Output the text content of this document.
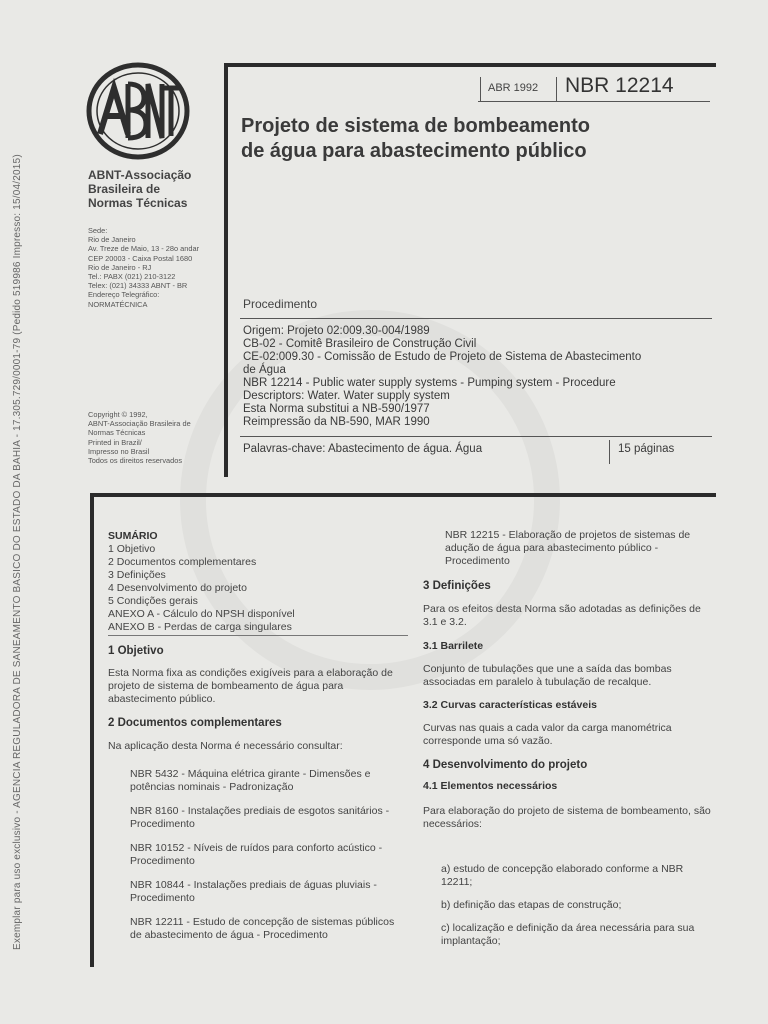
Exemplar para uso exclusivo - AGENCIA REGULADORA DE SANEAMENTO BASICO DO ESTADO DA BAHIA - 17.305.729/0001-79 (Pedido 519986 Impresso: 15/04/2015)	ABNT-Associação
Brasileira de
Normas Técnicas
Sede:
Rio de Janeiro
Av. Treze de Maio, 13 - 28o andar
CEP 20003 - Caixa Postal 1680
Rio de Janeiro - RJ
Tel.: PABX (021) 210-3122
Telex: (021) 34333 ABNT - BR
Endereço Telegráfico:
NORMATÉCNICA
Copyright © 1992,
ABNT-Associação Brasileira de
Normas Técnicas
Printed in Brazil/
Impresso no Brasil
Todos os direitos reservados
ABR 1992 NBR 12214
Projeto de sistema de bombeamento
de água para abastecimento público
Procedimento
Origem: Projeto 02:009.30-004/1989
CB-02 - Comitê Brasileiro de Construção Civil
CE-02:009.30 - Comissão de Estudo de Projeto de Sistema de Abastecimento
de Água
NBR 12214 - Public water supply systems - Pumping system - Procedure
Descriptors: Water. Water supply system
Esta Norma substitui a NB-590/1977
Reimpressão da NB-590, MAR 1990
Palavras-chave: Abastecimento de água. Água	15 páginas

SUMÁRIO

1 Objetivo

2 Documentos complementares

3 Definições

4 Desenvolvimento do projeto

5 Condições gerais

ANEXO A - Cálculo do NPSH disponível

ANEXO B - Perdas de carga singulares

1 Objetivo

Esta Norma fixa as condições exigíveis para a elaboração de projeto de sistema de bombeamento de água para abastecimento público.

2 Documentos complementares

Na aplicação desta Norma é necessário consultar:

NBR 5432 - Máquina elétrica girante - Dimensões e potências nominais - Padronização

NBR 8160 - Instalações prediais de esgotos sanitários - Procedimento

NBR 10152 - Níveis de ruídos para conforto acústico - Procedimento

NBR 10844 - Instalações prediais de águas pluviais - Procedimento

NBR 12211 - Estudo de concepção de sistemas públicos de abastecimento de água - Procedimento

NBR 12215 - Elaboração de projetos de sistemas de adução de água para abastecimento público - Procedimento

3 Definições

Para os efeitos desta Norma são adotadas as definições de 3.1 e 3.2.

3.1 Barrilete

Conjunto de tubulações que une a saída das bombas associadas em paralelo à tubulação de recalque.

3.2 Curvas características estáveis

Curvas nas quais a cada valor da carga manométrica corresponde uma só vazão.

4 Desenvolvimento do projeto

4.1 Elementos necessários

Para elaboração do projeto de sistema de bombeamento, são necessários:

a) estudo de concepção elaborado conforme a NBR 12211;

b) definição das etapas de construção;

c) localização e definição da área necessária para sua implantação;
